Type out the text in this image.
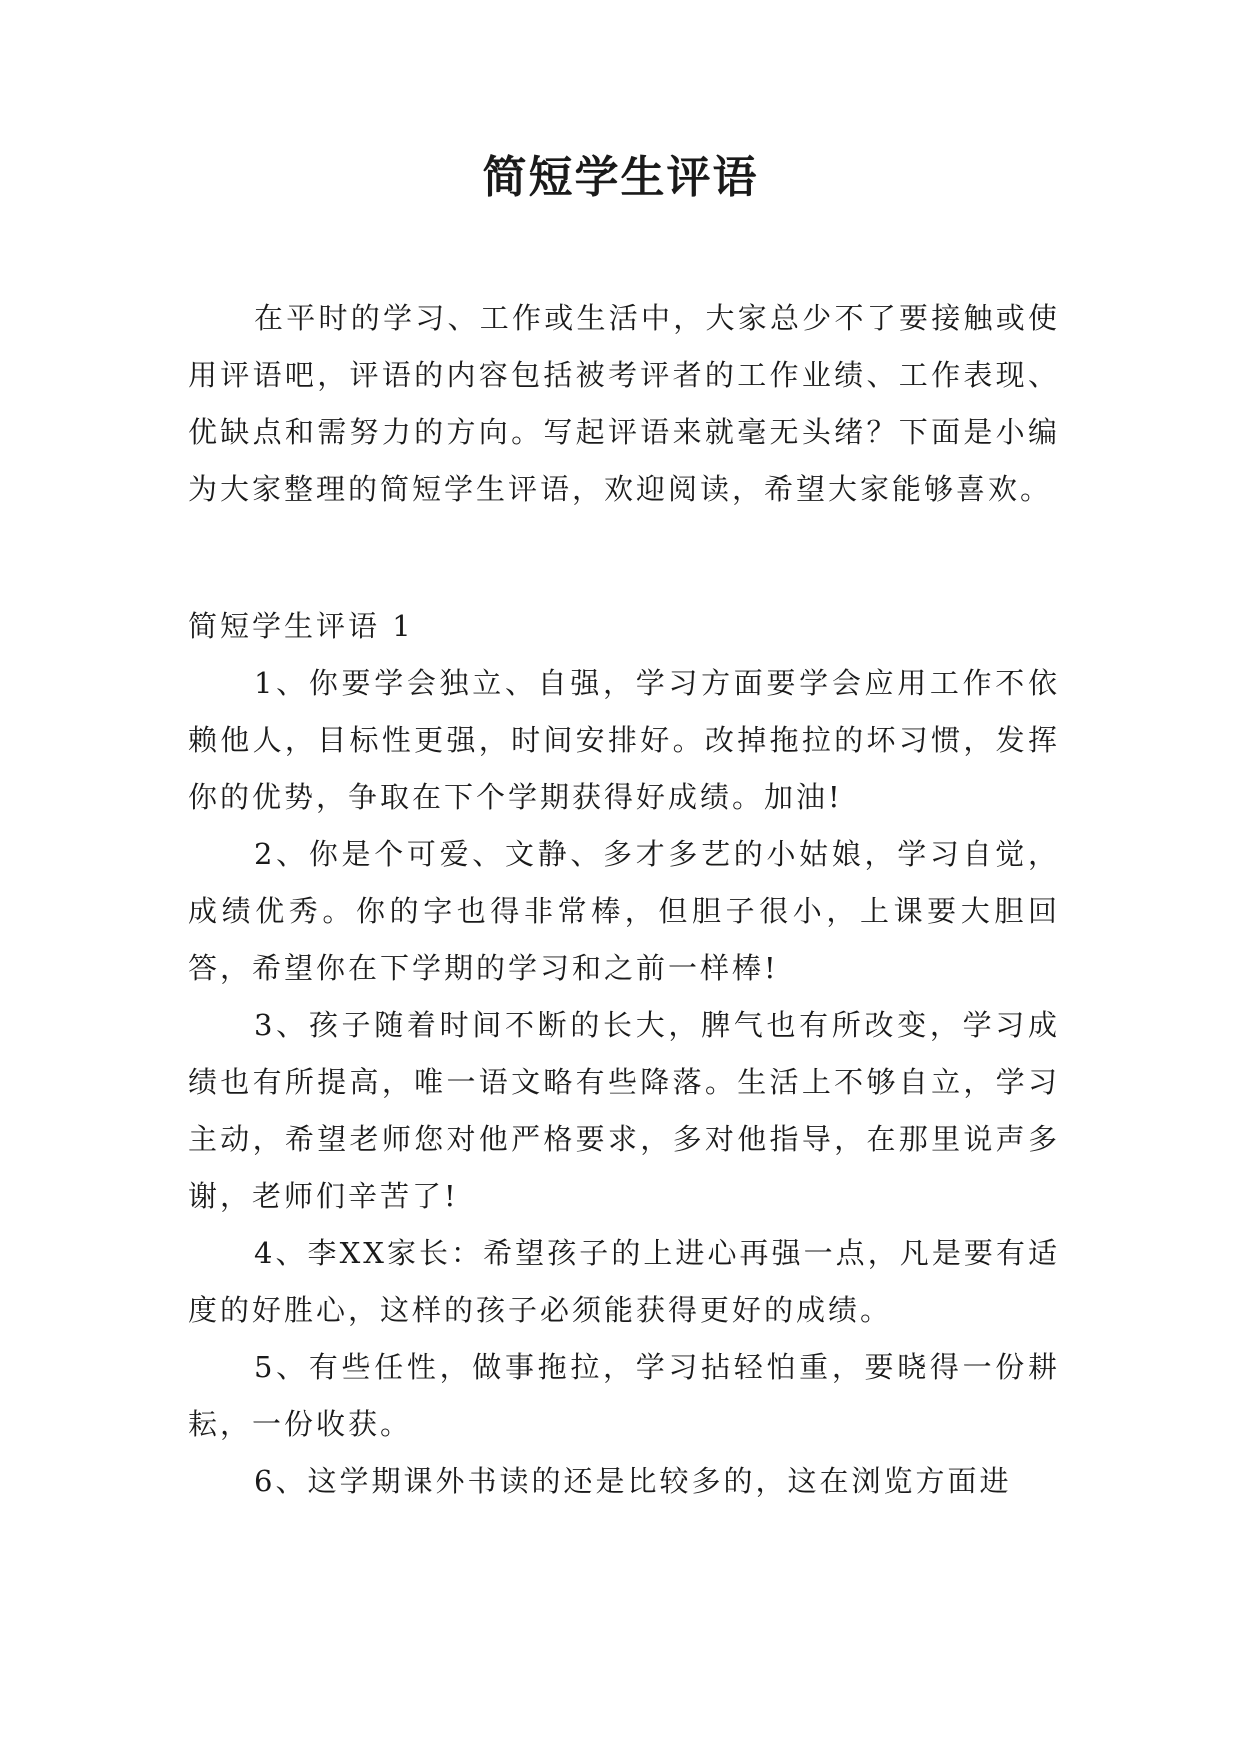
简短学生评语

在平时的学习、工作或生活中，大家总少不了要接触或使用评语吧，评语的内容包括被考评者的工作业绩、工作表现、优缺点和需努力的方向。写起评语来就毫无头绪？下面是小编为大家整理的简短学生评语，欢迎阅读，希望大家能够喜欢。

简短学生评语 1

1、你要学会独立、自强，学习方面要学会应用工作不依赖他人，目标性更强，时间安排好。改掉拖拉的坏习惯，发挥你的优势，争取在下个学期获得好成绩。加油!

2、你是个可爱、文静、多才多艺的小姑娘，学习自觉，成绩优秀。你的字也得非常棒，但胆子很小，上课要大胆回答，希望你在下学期的学习和之前一样棒!

3、孩子随着时间不断的长大，脾气也有所改变，学习成绩也有所提高，唯一语文略有些降落。生活上不够自立，学习主动，希望老师您对他严格要求，多对他指导，在那里说声多谢，老师们辛苦了!

4、李XX家长：希望孩子的上进心再强一点，凡是要有适度的好胜心，这样的孩子必须能获得更好的成绩。

5、有些任性，做事拖拉，学习拈轻怕重，要晓得一份耕耘，一份收获。

6、这学期课外书读的还是比较多的，这在浏览方面进
